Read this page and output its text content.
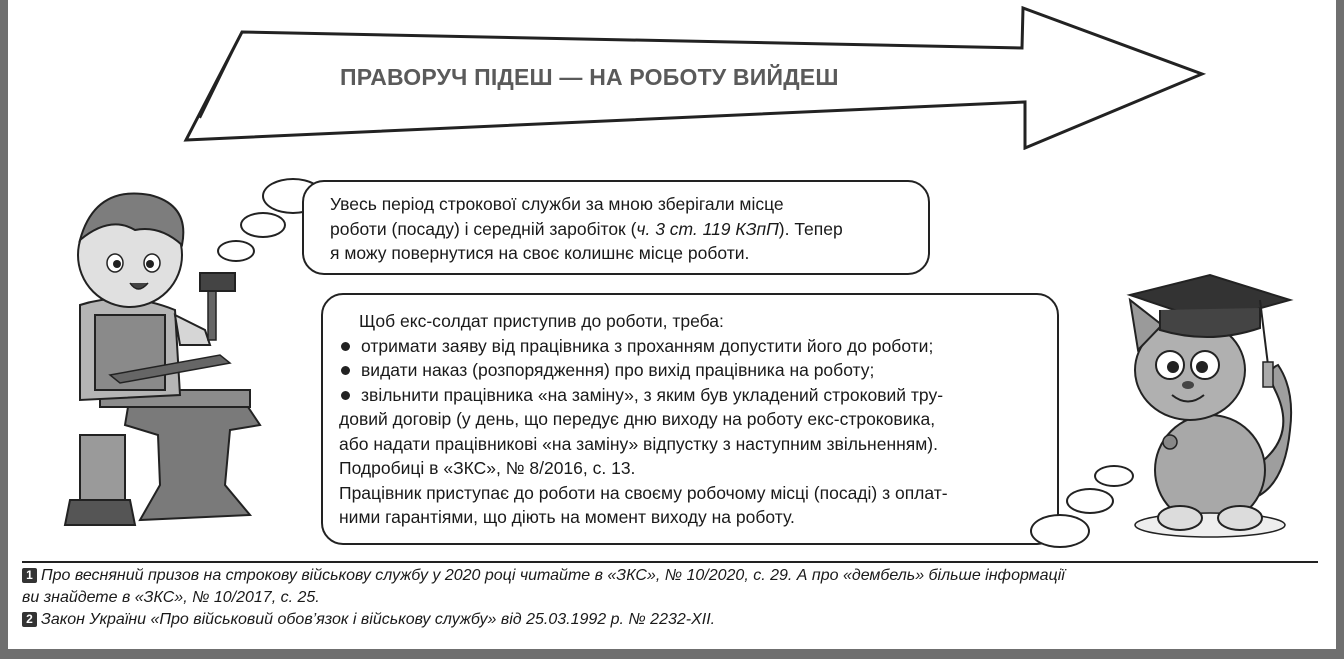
ПРАВОРУЧ ПІДЕШ — НА РОБОТУ ВИЙДЕШ
Увесь період строкової служби за мною зберігали місце
роботи (посаду) і середній заробіток (ч. 3 ст. 119 КЗпП). Тепер
я можу повернутися на своє колишнє місце роботи.
Щоб екс-солдат приступив до роботи, треба:
отримати заяву від працівника з проханням допустити його до роботи;
видати наказ (розпорядження) про вихід працівника на роботу;
звільнити працівника «на заміну», з яким був укладений строковий тру-
довий договір (у день, що передує дню виходу на роботу екс-строковика,
або надати працівникові «на заміну» відпустку з наступним звільненням).
Подробиці в «ЗКС», № 8/2016, с. 13.
Працівник приступає до роботи на своєму робочому місці (посаді) з оплат-
ними гарантіями, що діють на момент виходу на роботу.
1 Про весняний призов на строкову військову службу у 2020 році читайте в «ЗКС», № 10/2020, с. 29. А про «дембель» більше інформації
ви знайдете в «ЗКС», № 10/2017, с. 25.
2 Закон України «Про військовий обов’язок і військову службу» від 25.03.1992 р. № 2232-XII.
